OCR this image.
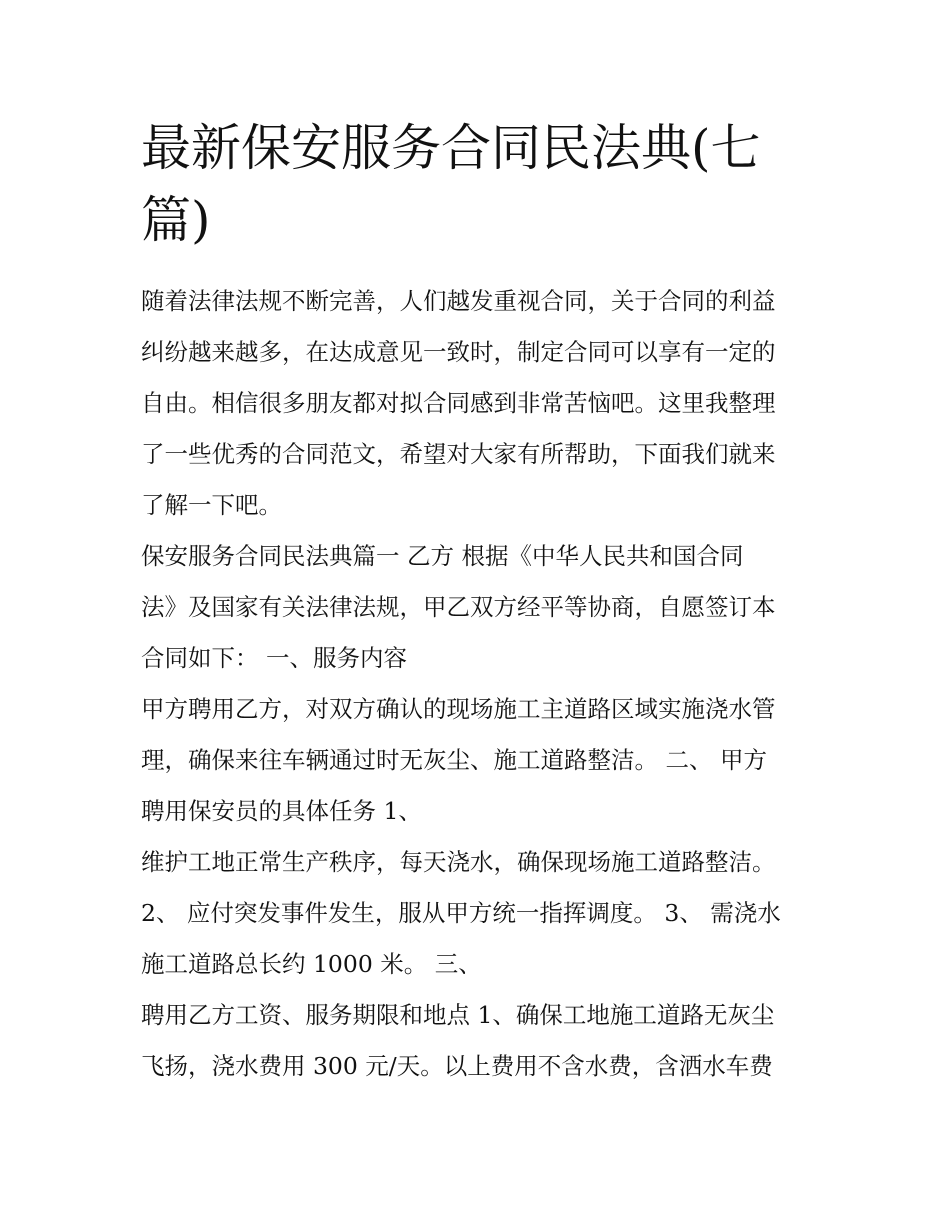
最新保安服务合同民法典(七
篇)
随着法律法规不断完善，人们越发重视合同，关于合同的利益
纠纷越来越多，在达成意见一致时，制定合同可以享有一定的
自由。相信很多朋友都对拟合同感到非常苦恼吧。这里我整理
了一些优秀的合同范文，希望对大家有所帮助，下面我们就来
了解一下吧。
保安服务合同民法典篇一 乙方 根据《中华人民共和国合同
法》及国家有关法律法规，甲乙双方经平等协商，自愿签订本
合同如下： 一、服务内容
甲方聘用乙方，对双方确认的现场施工主道路区域实施浇水管
理，确保来往车辆通过时无灰尘、施工道路整洁。 二、 甲方
聘用保安员的具体任务 1、
维护工地正常生产秩序，每天浇水，确保现场施工道路整洁。
2、 应付突发事件发生，服从甲方统一指挥调度。 3、 需浇水
施工道路总长约 1000 米。 三、
聘用乙方工资、服务期限和地点 1、确保工地施工道路无灰尘
飞扬，浇水费用 300 元/天。以上费用不含水费，含洒水车费
